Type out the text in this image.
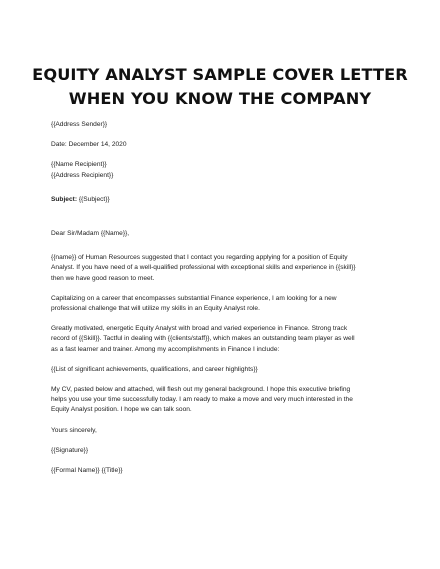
EQUITY ANALYST SAMPLE COVER LETTER
WHEN YOU KNOW THE COMPANY

{{Address Sender}}

Date: December 14, 2020

{{Name Recipient}}

{{Address Recipient}}

Subject: {{Subject}}

Dear Sir/Madam {{Name}},

{{name}} of Human Resources suggested that I contact you regarding applying for a position of Equity
Analyst. If you have need of a well-qualified professional with exceptional skills and experience in {{skill}}
then we have good reason to meet.

Capitalizing on a career that encompasses substantial Finance experience, I am looking for a new
professional challenge that will utilize my skills in an Equity Analyst role.

Greatly motivated, energetic Equity Analyst with broad and varied experience in Finance. Strong track
record of {{Skill}}. Tactful in dealing with {{clients/staff}}, which makes an outstanding team player as well
as a fast learner and trainer. Among my accomplishments in Finance I include:

{{List of significant achievements, qualifications, and career highlights}}

My CV, pasted below and attached, will flesh out my general background. I hope this executive briefing
helps you use your time successfully today. I am ready to make a move and very much interested in the
Equity Analyst position. I hope we can talk soon.

Yours sincerely,

{{Signature}}

{{Formal Name}} {{Title}}
